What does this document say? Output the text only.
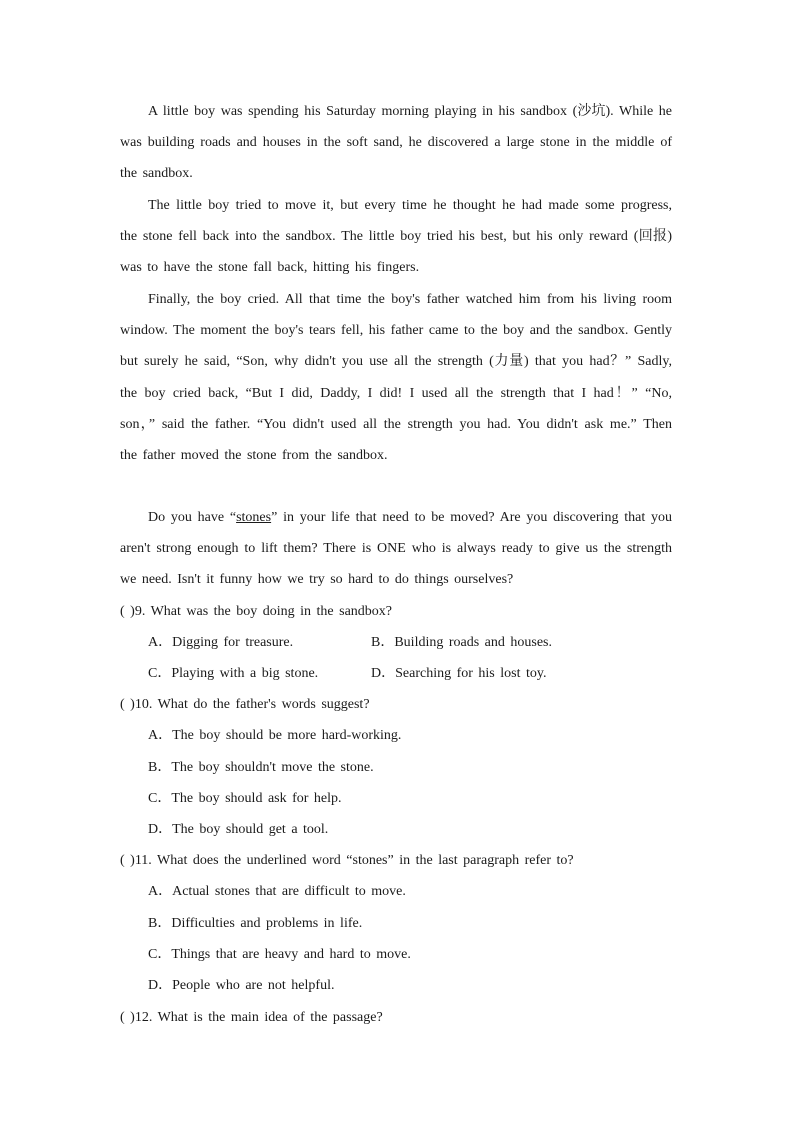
A little boy was spending his Saturday morning playing in his sandbox (沙坑). While he was building roads and houses in the soft sand, he discovered a large stone in the middle of the sandbox.

The little boy tried to move it, but every time he thought he had made some progress, the stone fell back into the sandbox. The little boy tried his best, but his only reward (回报) was to have the stone fall back, hitting his fingers.

Finally, the boy cried. All that time the boy's father watched him from his living room window. The moment the boy's tears fell, his father came to the boy and the sandbox. Gently but surely he said, “Son, why didn't you use all the strength (力量) that you had？” Sadly, the boy cried back, “But I did, Daddy, I did! I used all the strength that I had！” “No, son，” said the father. “You didn't used all the strength you had. You didn't ask me.” Then the father moved the stone from the sandbox.

Do you have “stones” in your life that need to be moved? Are you discovering that you aren't strong enough to lift them? There is ONE who is always ready to give us the strength we need. Isn't it funny how we try so hard to do things ourselves?

( )9. What was the boy doing in the sandbox?
A．Digging for treasure.	B．Building roads and houses.
C．Playing with a big stone.	D．Searching for his lost toy.
( )10. What do the father's words suggest?
A．The boy should be more hard-working.
B．The boy shouldn't move the stone.
C．The boy should ask for help.
D．The boy should get a tool.
( )11. What does the underlined word “stones” in the last paragraph refer to?
A．Actual stones that are difficult to move.
B．Difficulties and problems in life.
C．Things that are heavy and hard to move.
D．People who are not helpful.
( )12. What is the main idea of the passage?
